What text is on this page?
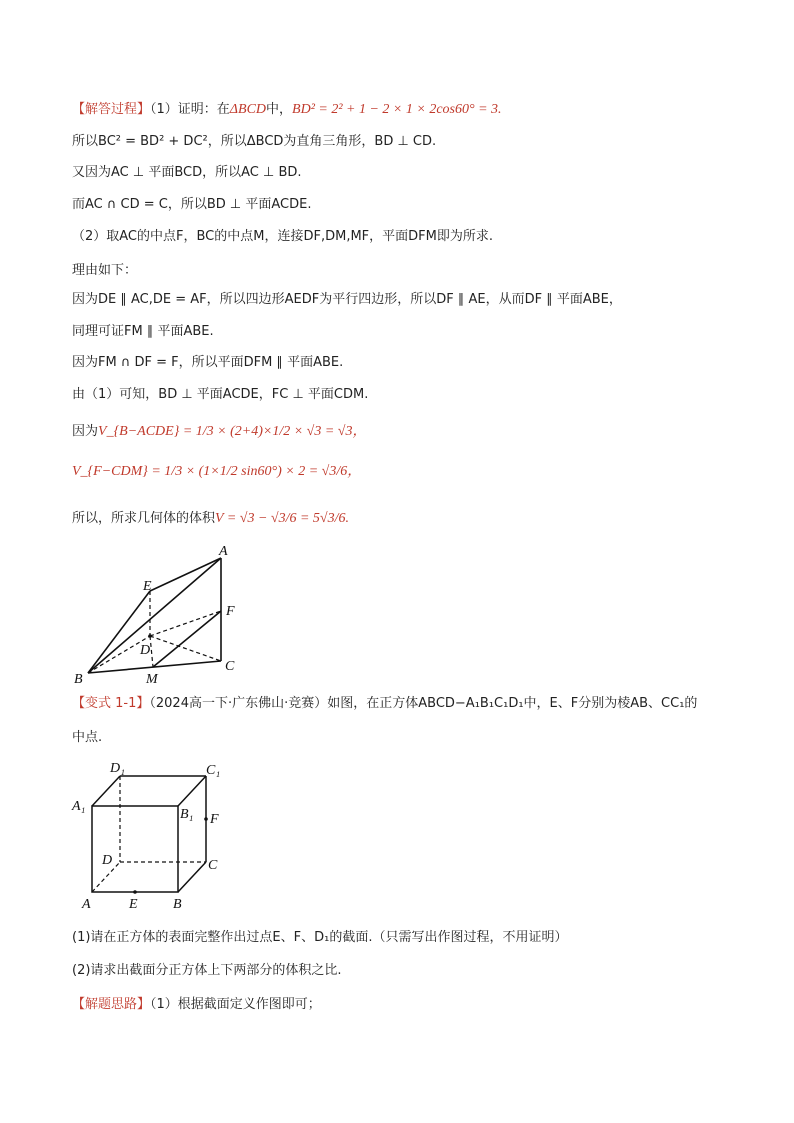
【解答过程】（1）证明：在ΔBCD中，BD² = 2² + 1 − 2 × 1 × 2cos60° = 3.
所以BC² = BD² + DC²，所以ΔBCD为直角三角形，BD ⊥ CD.
又因为AC ⊥ 平面BCD，所以AC ⊥ BD.
而AC ∩ CD = C，所以BD ⊥ 平面ACDE.
（2）取AC的中点F，BC的中点M，连接DF,DM,MF，平面DFM即为所求.
理由如下：
因为DE ∥ AC,DE = AF，所以四边形AEDF为平行四边形，所以DF ∥ AE，从而DF ∥ 平面ABE，
同理可证FM ∥ 平面ABE.
因为FM ∩ DF = F，所以平面DFM ∥ 平面ABE.
由（1）可知，BD ⊥ 平面ACDE，FC ⊥ 平面CDM.
因为V_{B−ACDE} = 1/3 × (2+4)×1/2 × √3 = √3，
V_{F−CDM} = 1/3 × (1×1/2 sin60°) × 2 = √3/6，
所以，所求几何体的体积V = √3 − √3/6 = 5√3/6.
A
E
F
D
B	M
C
【变式 1-1】（2024高一下·广东佛山·竞赛）如图，在正方体ABCD−A₁B₁C₁D₁中，E、F分别为棱AB、CC₁的
中点.
D₁	C₁
A₁
B₁ F
D	C
A	E	B
(1)请在正方体的表面完整作出过点E、F、D₁的截面.（只需写出作图过程，不用证明）
(2)请求出截面分正方体上下两部分的体积之比.
【解题思路】（1）根据截面定义作图即可；
